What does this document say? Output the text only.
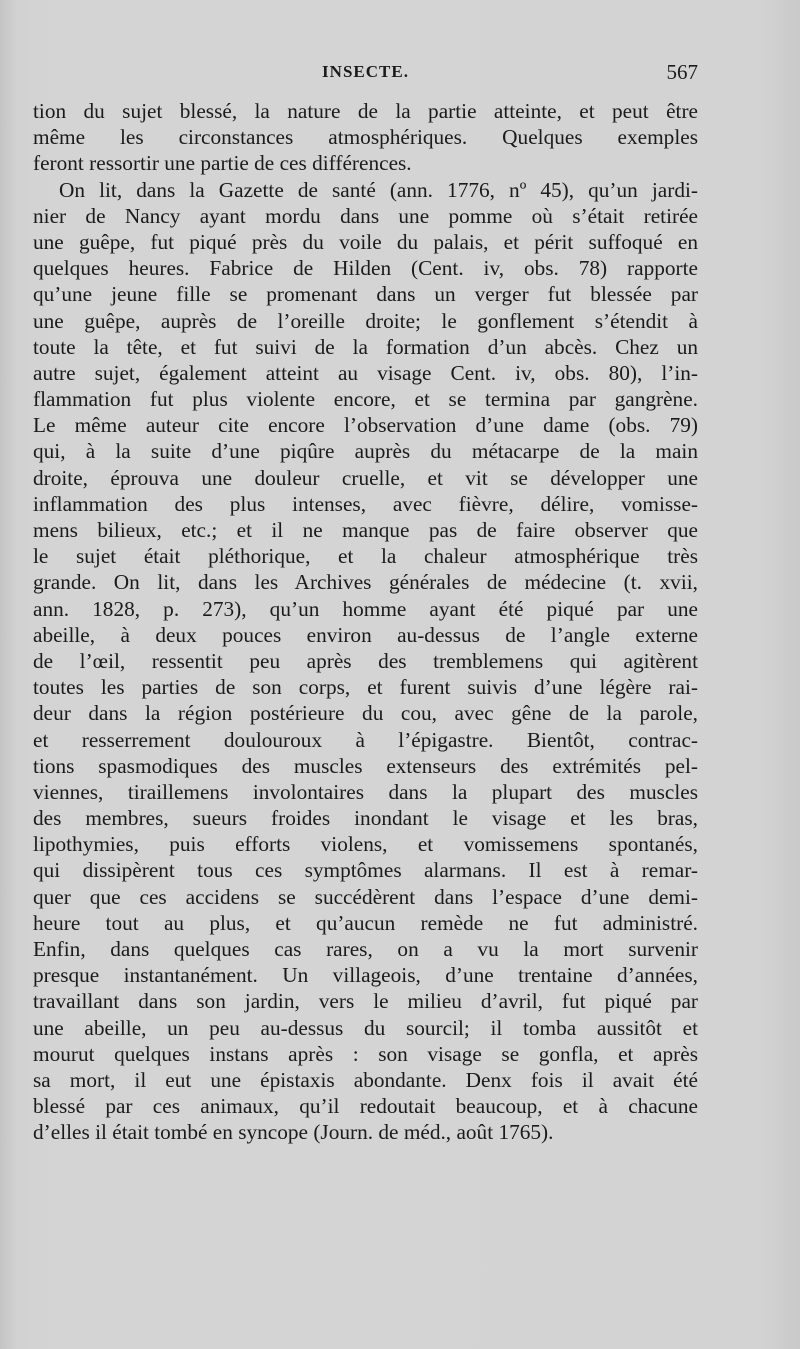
INSECTE.	567
tion du sujet blessé, la nature de la partie atteinte, et peut être
même les circonstances atmosphériques. Quelques exemples
feront ressortir une partie de ces différences.
On lit, dans la Gazette de santé (ann. 1776, nº 45), qu’un jardi-
nier de Nancy ayant mordu dans une pomme où s’était retirée
une guêpe, fut piqué près du voile du palais, et périt suffoqué en
quelques heures. Fabrice de Hilden (Cent. iv, obs. 78) rapporte
qu’une jeune fille se promenant dans un verger fut blessée par
une guêpe, auprès de l’oreille droite; le gonflement s’étendit à
toute la tête, et fut suivi de la formation d’un abcès. Chez un
autre sujet, également atteint au visage Cent. iv, obs. 80), l’in-
flammation fut plus violente encore, et se termina par gangrène.
Le même auteur cite encore l’observation d’une dame (obs. 79)
qui, à la suite d’une piqûre auprès du métacarpe de la main
droite, éprouva une douleur cruelle, et vit se développer une
inflammation des plus intenses, avec fièvre, délire, vomisse-
mens bilieux, etc.; et il ne manque pas de faire observer que
le sujet était pléthorique, et la chaleur atmosphérique très
grande. On lit, dans les Archives générales de médecine (t. xvii,
ann. 1828, p. 273), qu’un homme ayant été piqué par une
abeille, à deux pouces environ au-dessus de l’angle externe
de l’œil, ressentit peu après des tremblemens qui agitèrent
toutes les parties de son corps, et furent suivis d’une légère rai-
deur dans la région postérieure du cou, avec gêne de la parole,
et resserrement doulouroux à l’épigastre. Bientôt, contrac-
tions spasmodiques des muscles extenseurs des extrémités pel-
viennes, tiraillemens involontaires dans la plupart des muscles
des membres, sueurs froides inondant le visage et les bras,
lipothymies, puis efforts violens, et vomissemens spontanés,
qui dissipèrent tous ces symptômes alarmans. Il est à remar-
quer que ces accidens se succédèrent dans l’espace d’une demi-
heure tout au plus, et qu’aucun remède ne fut administré.
Enfin, dans quelques cas rares, on a vu la mort survenir
presque instantanément. Un villageois, d’une trentaine d’années,
travaillant dans son jardin, vers le milieu d’avril, fut piqué par
une abeille, un peu au-dessus du sourcil; il tomba aussitôt et
mourut quelques instans après : son visage se gonfla, et après
sa mort, il eut une épistaxis abondante. Denx fois il avait été
blessé par ces animaux, qu’il redoutait beaucoup, et à chacune
d’elles il était tombé en syncope (Journ. de méd., août 1765).
